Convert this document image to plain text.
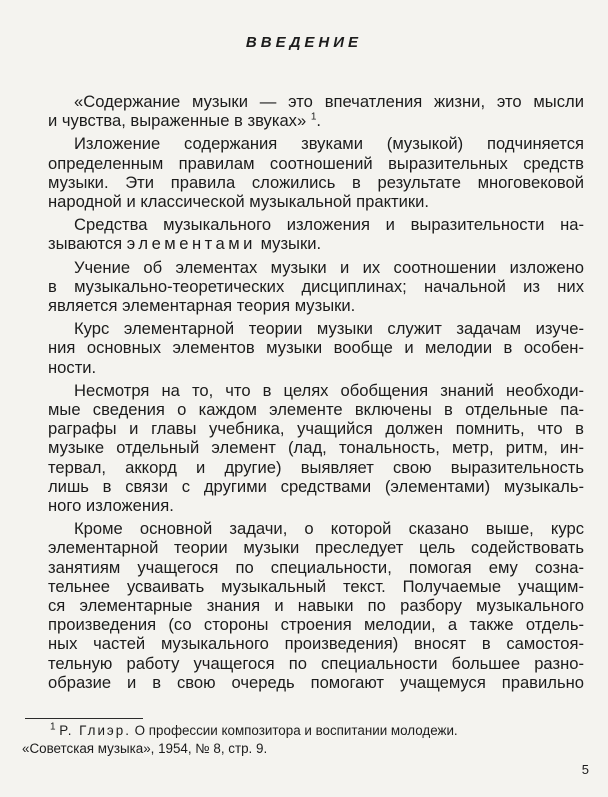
ВВЕДЕНИЕ
«Содержание музыки — это впечатления жизни, это мысли
и чувства, выраженные в звуках» $^1$.
Изложение содержания звуками (музыкой) подчиняется
определенным правилам соотношений выразительных средств
музыки. Эти правила сложились в результате многовековой
народной и классической музыкальной практики.
Средства музыкального изложения и выразительности на-
зываются элементами музыки.
Учение об элементах музыки и их соотношении изложено
в музыкально-теоретических дисциплинах; начальной из них
является элементарная теория музыки.
Курс элементарной теории музыки служит задачам изуче-
ния основных элементов музыки вообще и мелодии в особен-
ности.
Несмотря на то, что в целях обобщения знаний необходи-
мые сведения о каждом элементе включены в отдельные па-
раграфы и главы учебника, учащийся должен помнить, что в
музыке отдельный элемент (лад, тональность, метр, ритм, ин-
тервал, аккорд и другие) выявляет свою выразительность
лишь в связи с другими средствами (элементами) музыкаль-
ного изложения.
Кроме основной задачи, о которой сказано выше, курс
элементарной теории музыки преследует цель содействовать
занятиям учащегося по специальности, помогая ему созна-
тельнее усваивать музыкальный текст. Получаемые учащим-
ся элементарные знания и навыки по разбору музыкального
произведения (со стороны строения мелодии, а также отдель-
ных частей музыкального произведения) вносят в самостоя-
тельную работу учащегося по специальности большее разно-
образие и в свою очередь помогают учащемуся правильно
$^1$ Р. Глиэр. О профессии композитора и воспитании молодежи.
«Советская музыка», 1954, № 8, стр. 9.
5
